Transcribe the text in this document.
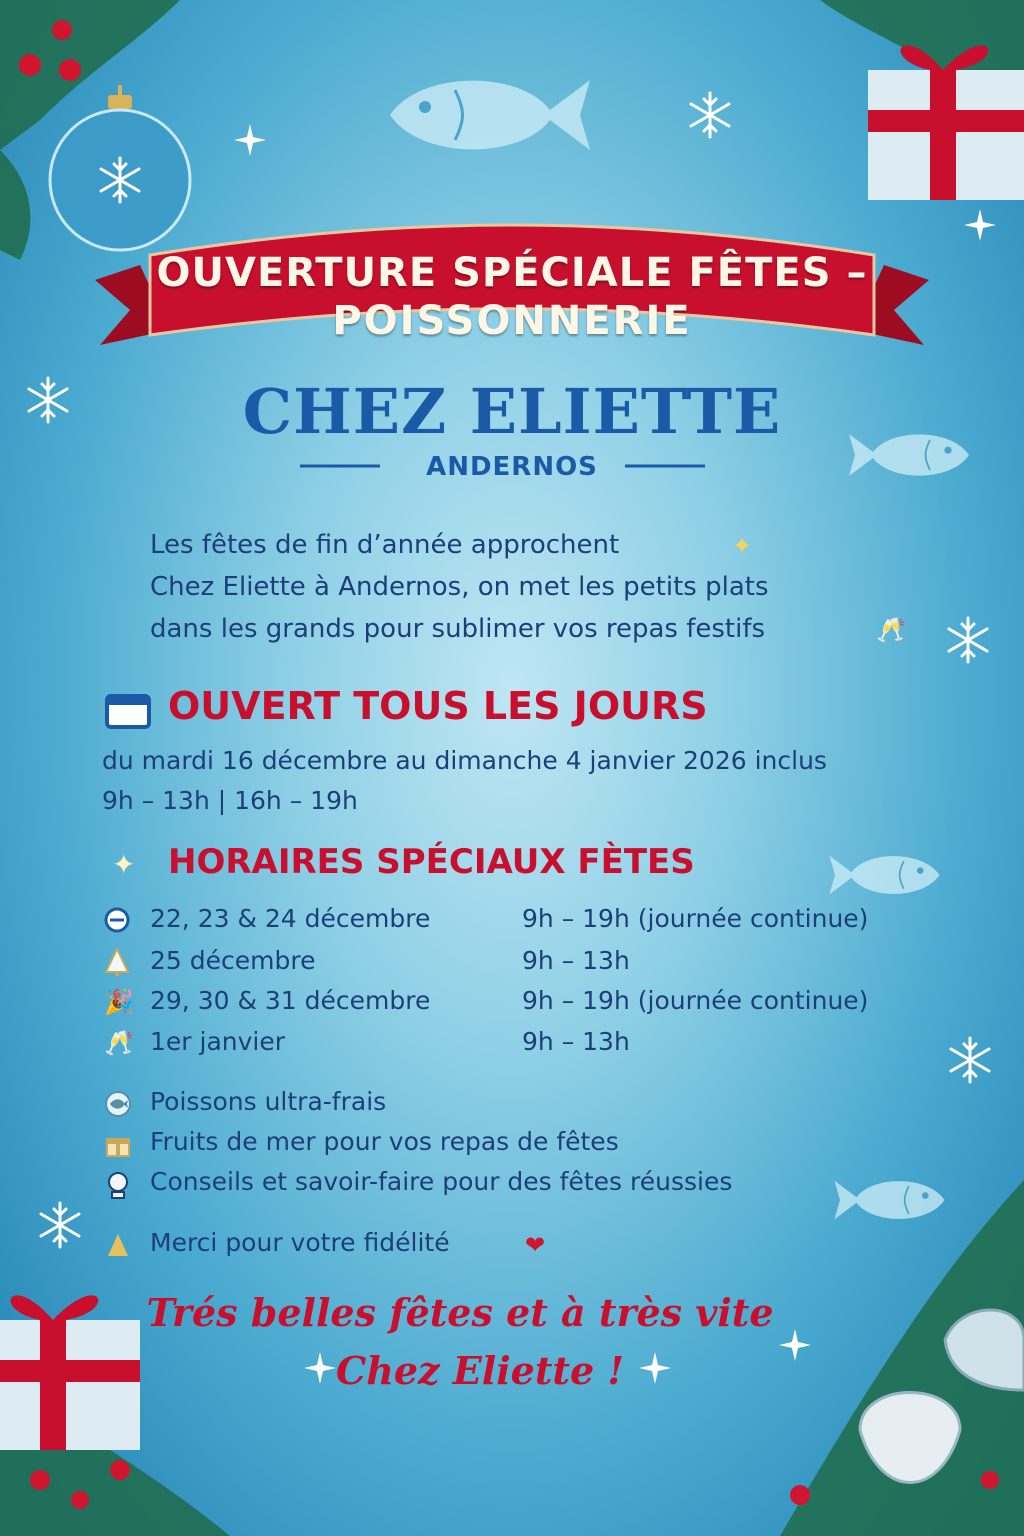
OUVERTURE SPÉCIALE FÊTES –
POISSONNERIE
CHEZ ELIETTE
ANDERNOS
Les fêtes de fin d’année approchent	✦
Chez Eliette à Andernos, on met les petits plats
dans les grands pour sublimer vos repas festifs	🥂
OUVERT TOUS LES JOURS
du mardi 16 décembre au dimanche 4 janvier 2026 inclus
9h – 13h | 16h – 19h
✦ HORAIRES SPÉCIAUX FÈTES
22, 23 & 24 décembre	9h – 19h (journée continue)
25 décembre	9h – 13h
🎉 29, 30 & 31 décembre	9h – 19h (journée continue)
🥂 1er janvier	9h – 13h
Poissons ultra-frais
Fruits de mer pour vos repas de fêtes
Conseils et savoir-faire pour des fêtes réussies
Merci pour votre fidélité	❤
Trés belles fêtes et à très vite
Chez Eliette !
